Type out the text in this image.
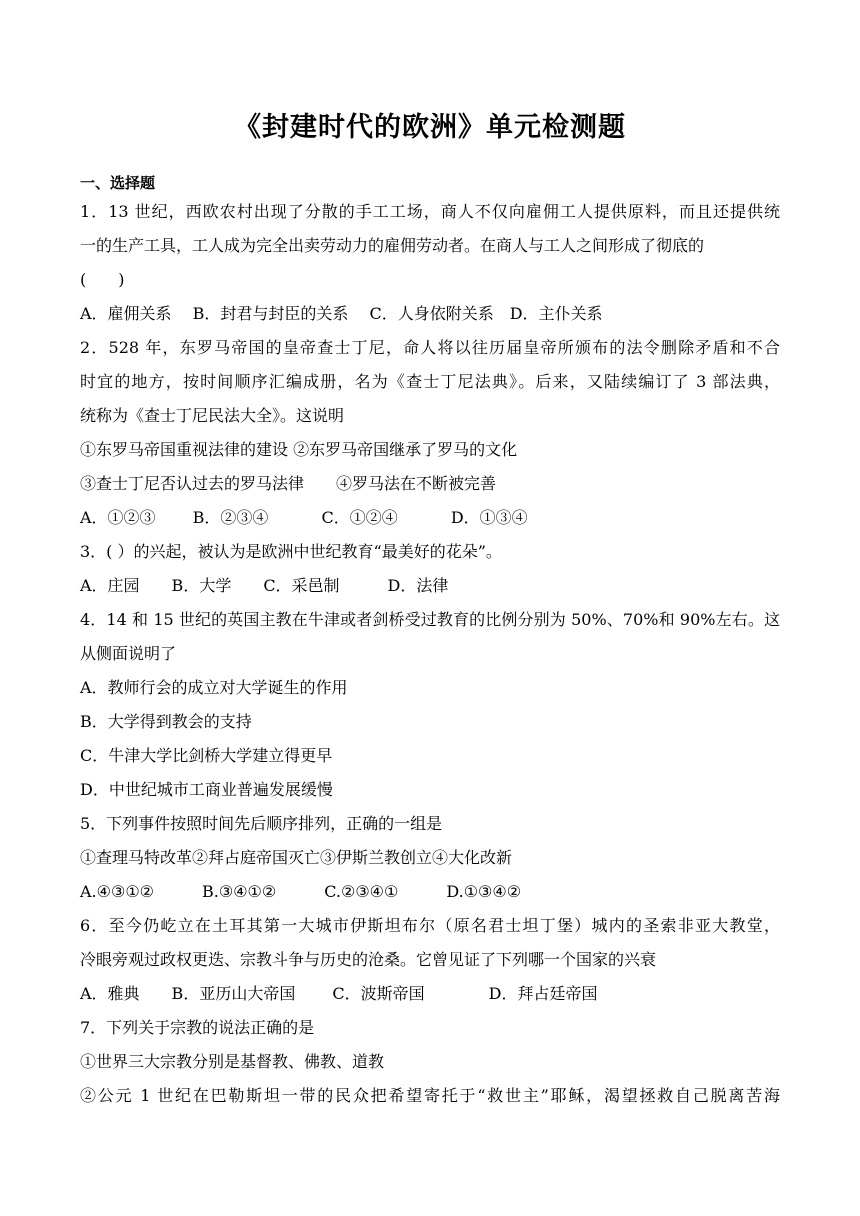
《封建时代的欧洲》单元检测题
一、选择题
1．13 世纪，西欧农村出现了分散的手工工场，商人不仅向雇佣工人提供原料，而且还提供统
一的生产工具，工人成为完全出卖劳动力的雇佣劳动者。在商人与工人之间形成了彻底的
(　　)
A．雇佣关系　 B．封君与封臣的关系　 C．人身依附关系　D．主仆关系
2．528 年，东罗马帝国的皇帝查士丁尼，命人将以往历届皇帝所颁布的法令删除矛盾和不合
时宜的地方，按时间顺序汇编成册，名为《查士丁尼法典》。后来，又陆续编订了 3 部法典，
统称为《查士丁尼民法大全》。这说明
①东罗马帝国重视法律的建设 ②东罗马帝国继承了罗马的文化
③查士丁尼否认过去的罗马法律　　④罗马法在不断被完善
A．①②③　　 B．②③④　　　 C．①②④　　　 D．①③④
3．( ）的兴起，被认为是欧洲中世纪教育“最美好的花朵”。
A．庄园　　B．大学　　C．采邑制　　　D．法律
4．14 和 15 世纪的英国主教在牛津或者剑桥受过教育的比例分别为 50%、70%和 90%左右。这
从侧面说明了
A．教师行会的成立对大学诞生的作用
B．大学得到教会的支持
C．牛津大学比剑桥大学建立得更早
D．中世纪城市工商业普遍发展缓慢
5．下列事件按照时间先后顺序排列，正确的一组是
①查理马特改革②拜占庭帝国灭亡③伊斯兰教创立④大化改新
A.④③①②　　　B.③④①②　　　C.②③④①　　　D.①③④②
6．至今仍屹立在土耳其第一大城市伊斯坦布尔（原名君士坦丁堡）城内的圣索非亚大教堂，
冷眼旁观过政权更迭、宗教斗争与历史的沧桑。它曾见证了下列哪一个国家的兴衰
A．雅典　　B．亚历山大帝国　　 C．波斯帝国　　　　D．拜占廷帝国
7．下列关于宗教的说法正确的是
①世界三大宗教分别是基督教、佛教、道教
②公元 1 世纪在巴勒斯坦一带的民众把希望寄托于“救世主”耶稣，渴望拯救自己脱离苦海
